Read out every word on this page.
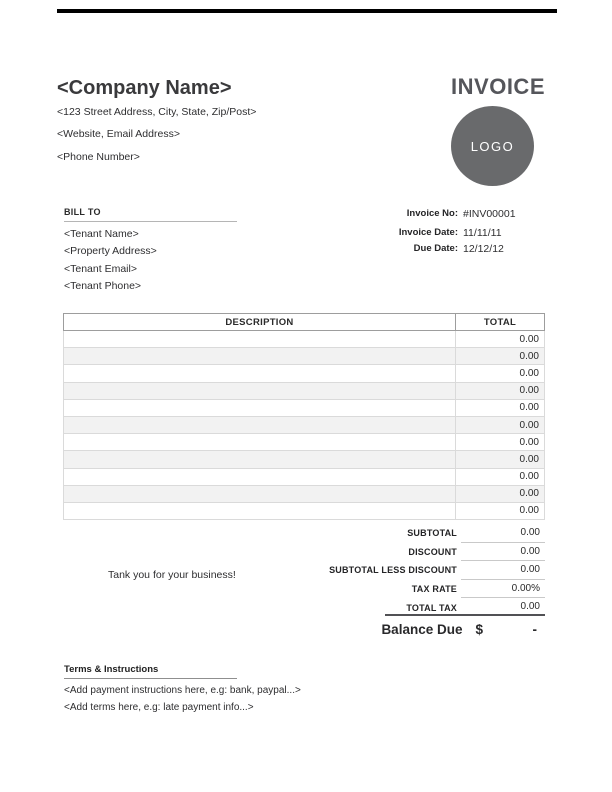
<Company Name>
<123 Street Address, City, State, Zip/Post>
<Website, Email Address>
<Phone Number>
INVOICE
LOGO
BILL TO
<Tenant Name>
<Property Address>
<Tenant Email>
<Tenant Phone>
Invoice No: #INV00001
Invoice Date: 11/11/11
Due Date: 12/12/12
DESCRIPTION	TOTAL
	0.00
	0.00
	0.00
	0.00
	0.00
	0.00
	0.00
	0.00
	0.00
	0.00
	0.00
SUBTOTAL	0.00
DISCOUNT	0.00
SUBTOTAL LESS DISCOUNT	0.00
TAX RATE	0.00%
TOTAL TAX	0.00
Balance Due $	-
Tank you for your business!
Terms & Instructions
<Add payment instructions here, e.g: bank, paypal...>
<Add terms here, e.g: late payment info...>
